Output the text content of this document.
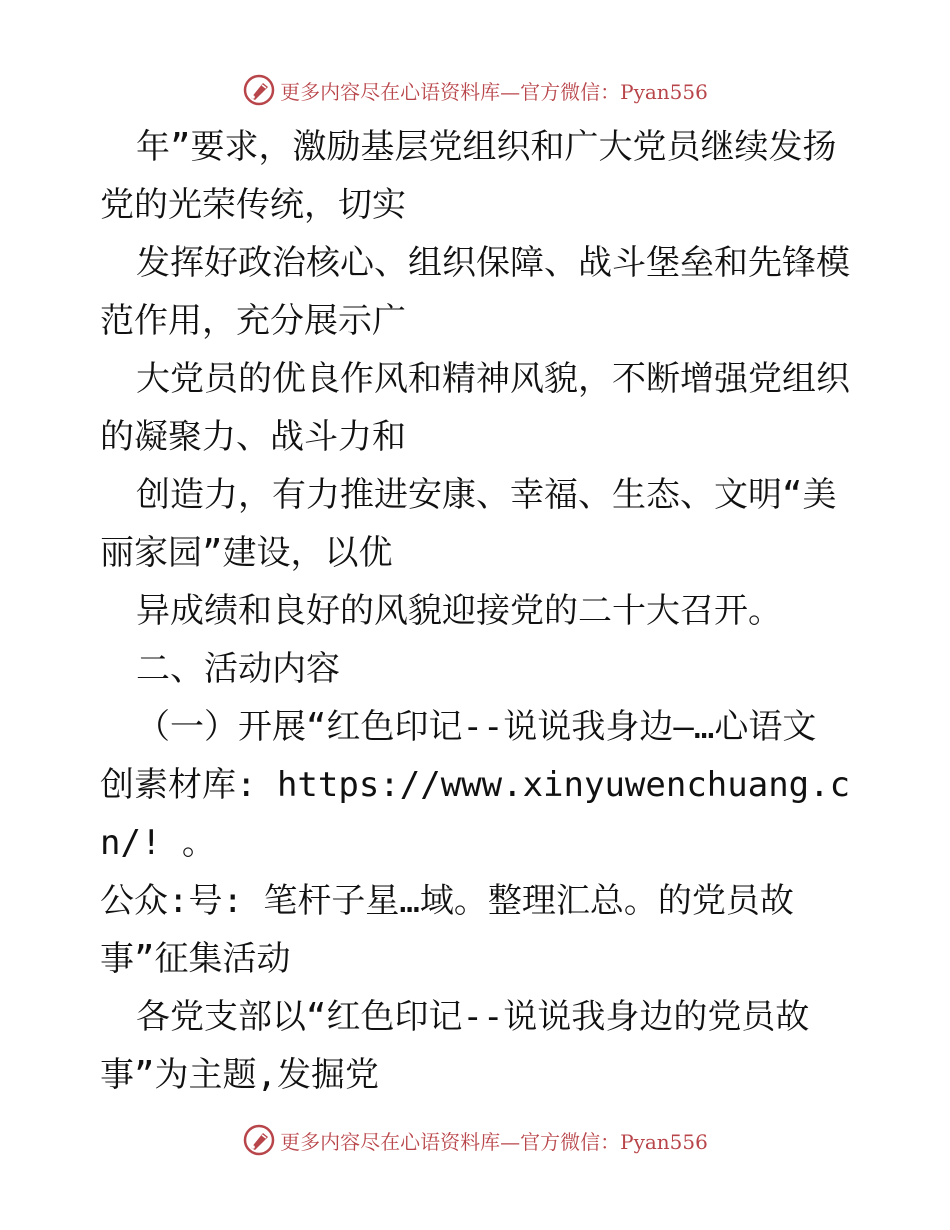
更多内容尽在心语资料库—官方微信：Pyan556

年”要求，激励基层党组织和广大党员继续发扬

党的光荣传统，切实

发挥好政治核心、组织保障、战斗堡垒和先锋模

范作用，充分展示广

大党员的优良作风和精神风貌，不断增强党组织

的凝聚力、战斗力和

创造力，有力推进安康、幸福、生态、文明“美

丽家园”建设，以优

异成绩和良好的风貌迎接党的二十大召开。

二、活动内容

（一）开展“红色印记--说说我身边—…心语文

创素材库: https://www.xinyuwenchuang.cn/! 。

公众:号: 笔杆子星…域。整理汇总。的党员故

事”征集活动

各党支部以“红色印记--说说我身边的党员故

事”为主题,发掘党

更多内容尽在心语资料库—官方微信：Pyan556
